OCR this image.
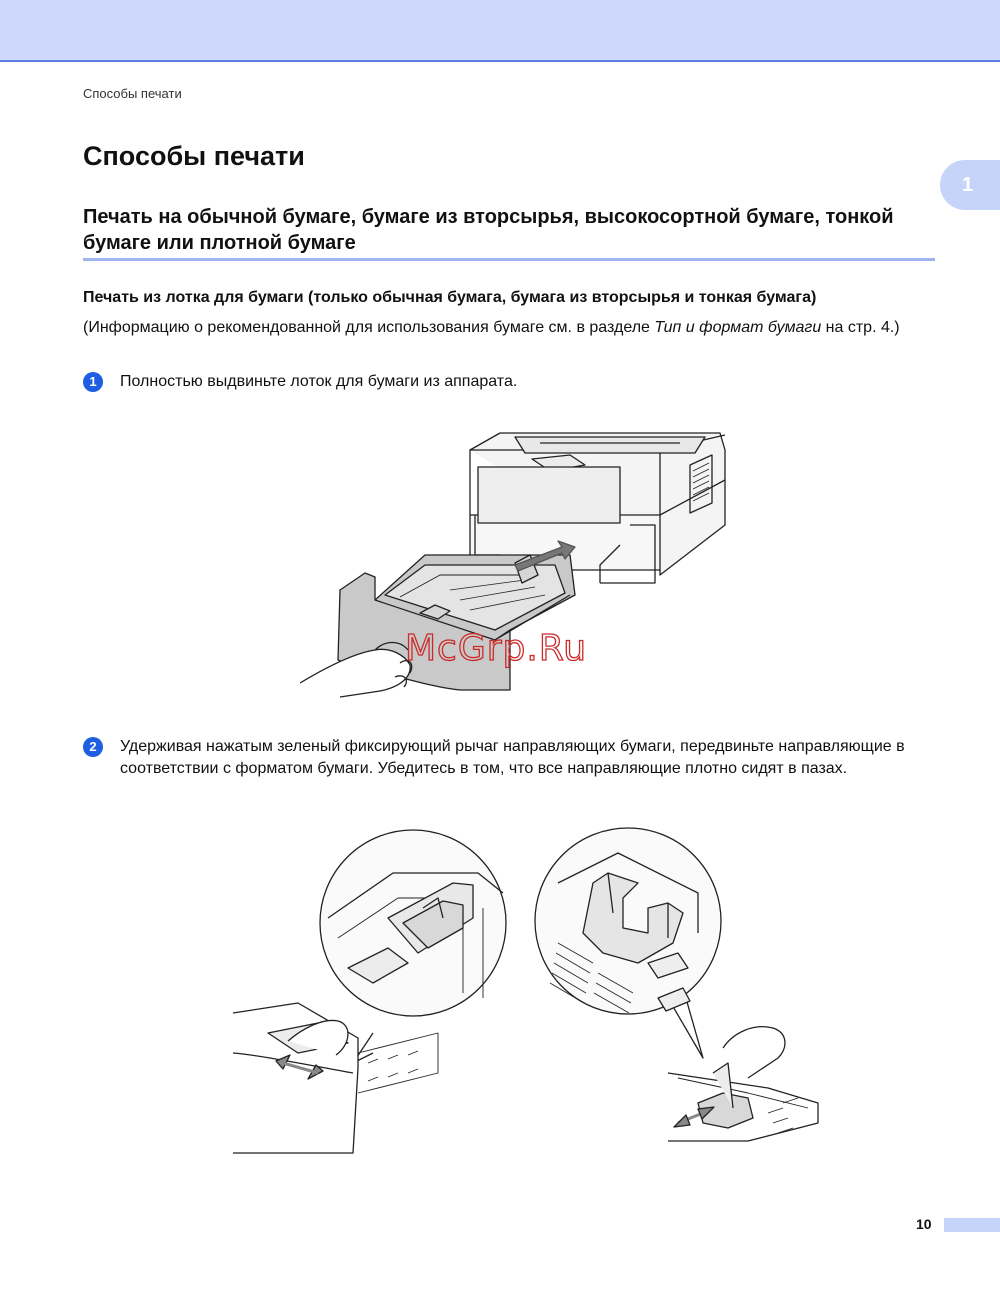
Способы печати
Способы печати
1
Печать на обычной бумаге, бумаге из вторсырья, высокосортной бумаге, тонкой бумаге или плотной бумаге
Печать из лотка для бумаги (только обычная бумага, бумага из вторсырья и тонкая бумага)

(Информацию о рекомендованной для использования бумаге см. в разделе Тип и формат бумаги на стр. 4.)

1	Полностью выдвиньте лоток для бумаги из аппарата.
McGrp.Ru
2	Удерживая нажатым зеленый фиксирующий рычаг направляющих бумаги, передвиньте направляющие в соответствии с форматом бумаги. Убедитесь в том, что все направляющие плотно сидят в пазах.
10
